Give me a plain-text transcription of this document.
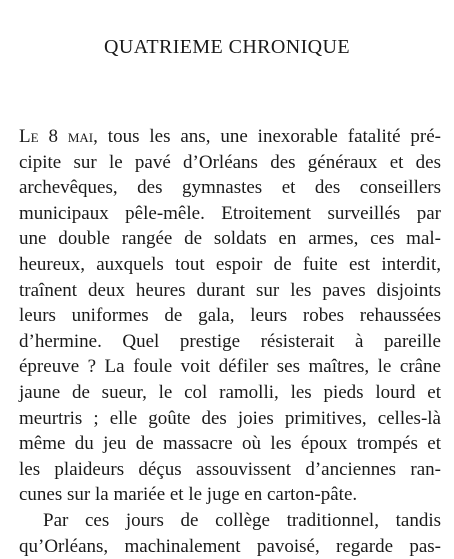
QUATRIEME CHRONIQUE
Le 8 mai, tous les ans, une inexorable fatalité pré-
cipite sur le pavé d’Orléans des généraux et des
archevêques, des gymnastes et des conseillers
municipaux pêle-mêle. Etroitement surveillés par
une double rangée de soldats en armes, ces mal-
heureux, auxquels tout espoir de fuite est interdit,
traînent deux heures durant sur les paves disjoints
leurs uniformes de gala, leurs robes rehaussées
d’hermine. Quel prestige résisterait à pareille
épreuve ? La foule voit défiler ses maîtres, le crâne
jaune de sueur, le col ramolli, les pieds lourd et
meurtris ; elle goûte des joies primitives, celles-là
même du jeu de massacre où les époux trompés et
les plaideurs déçus assouvissent d’anciennes ran-
cunes sur la mariée et le juge en carton-pâte.
Par ces jours de collège traditionnel, tandis
qu’Orléans, machinalement pavoisé, regarde pas-
